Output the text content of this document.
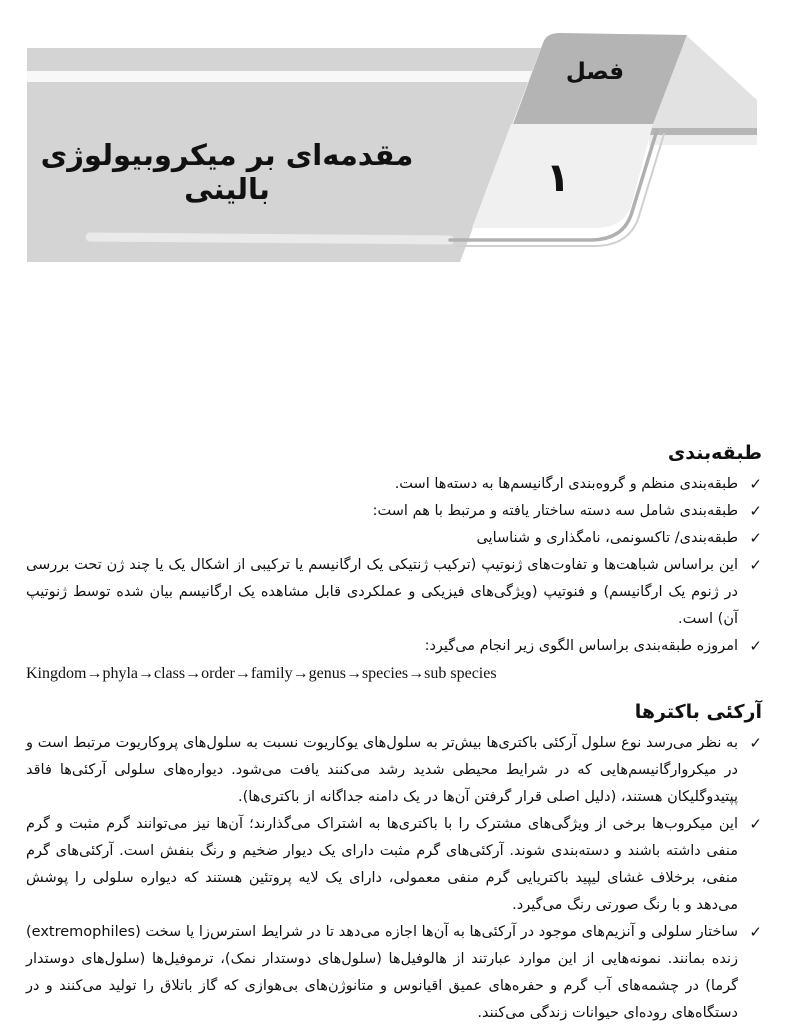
مقدمه‌ای بر میکروبیولوژی بالینی
فصل
۱
طبقه‌بندی
✓
طبقه‌بندی منظم و گروه‌بندی ارگانیسم‌ها به دسته‌ها است.
✓
طبقه‌بندی شامل سه دسته ساختار یافته و مرتبط با هم است:
✓
طبقه‌بندی/ تاکسونمی، نامگذاری و شناسایی
✓
این براساس شباهت‌ها و تفاوت‌های ژنوتیپ (ترکیب ژنتیکی یک ارگانیسم یا ترکیبی از اشکال یک یا چند ژن تحت بررسی در ژنوم یک ارگانیسم) و فنوتیپ (ویژگی‌های فیزیکی و عملکردی قابل مشاهده یک ارگانیسم بیان شده توسط ژنوتیپ آن) است.
✓
امروزه طبقه‌بندی براساس الگوی زیر انجام می‌گیرد:

Kingdom→phyla→class→order→family→genus→species→sub species

آرکئی باکترها
✓
به نظر می‌رسد نوع سلول آرکئی باکتری‌ها بیش‌تر به سلول‌های یوکاریوت نسبت به سلول‌های پروکاریوت مرتبط است و در میکروارگانیسم‌هایی که در شرایط محیطی شدید رشد می‌کنند یافت می‌شود. دیواره‌های سلولی آرکئی‌ها فاقد پپتیدوگلیکان هستند، (دلیل اصلی قرار گرفتن آن‌ها در یک دامنه جداگانه از باکتری‌ها).
✓
این میکروب‌ها برخی از ویژگی‌های مشترک را با باکتری‌ها به اشتراک می‌گذارند؛ آن‌ها نیز می‌توانند گرم مثبت و گرم منفی داشته باشند و دسته‌بندی شوند. آرکئی‌های گرم مثبت دارای یک دیوار ضخیم و رنگ بنفش است. آرکئی‌های گرم منفی، برخلاف غشای لیپید باکتریایی گرم منفی معمولی، دارای یک لایه پروتئین هستند که دیواره سلولی را پوشش می‌دهد و با رنگ صورتی رنگ می‌گیرد.
✓
ساختار سلولی و آنزیم‌های موجود در آرکئی‌ها به آن‌ها اجازه می‌دهد تا در شرایط استرس‌زا یا سخت (extremophiles) زنده بمانند. نمونه‌هایی از این موارد عبارتند از هالوفیل‌ها (سلول‌های دوستدار نمک)، ترموفیل‌ها (سلول‌های دوستدار گرما) در چشمه‌های آب گرم و حفره‌های عمیق اقیانوس و متانوژن‌های بی‌هوازی که گاز باتلاق را تولید می‌کنند و در دستگاه‌های روده‌ای حیوانات زندگی می‌کنند.
